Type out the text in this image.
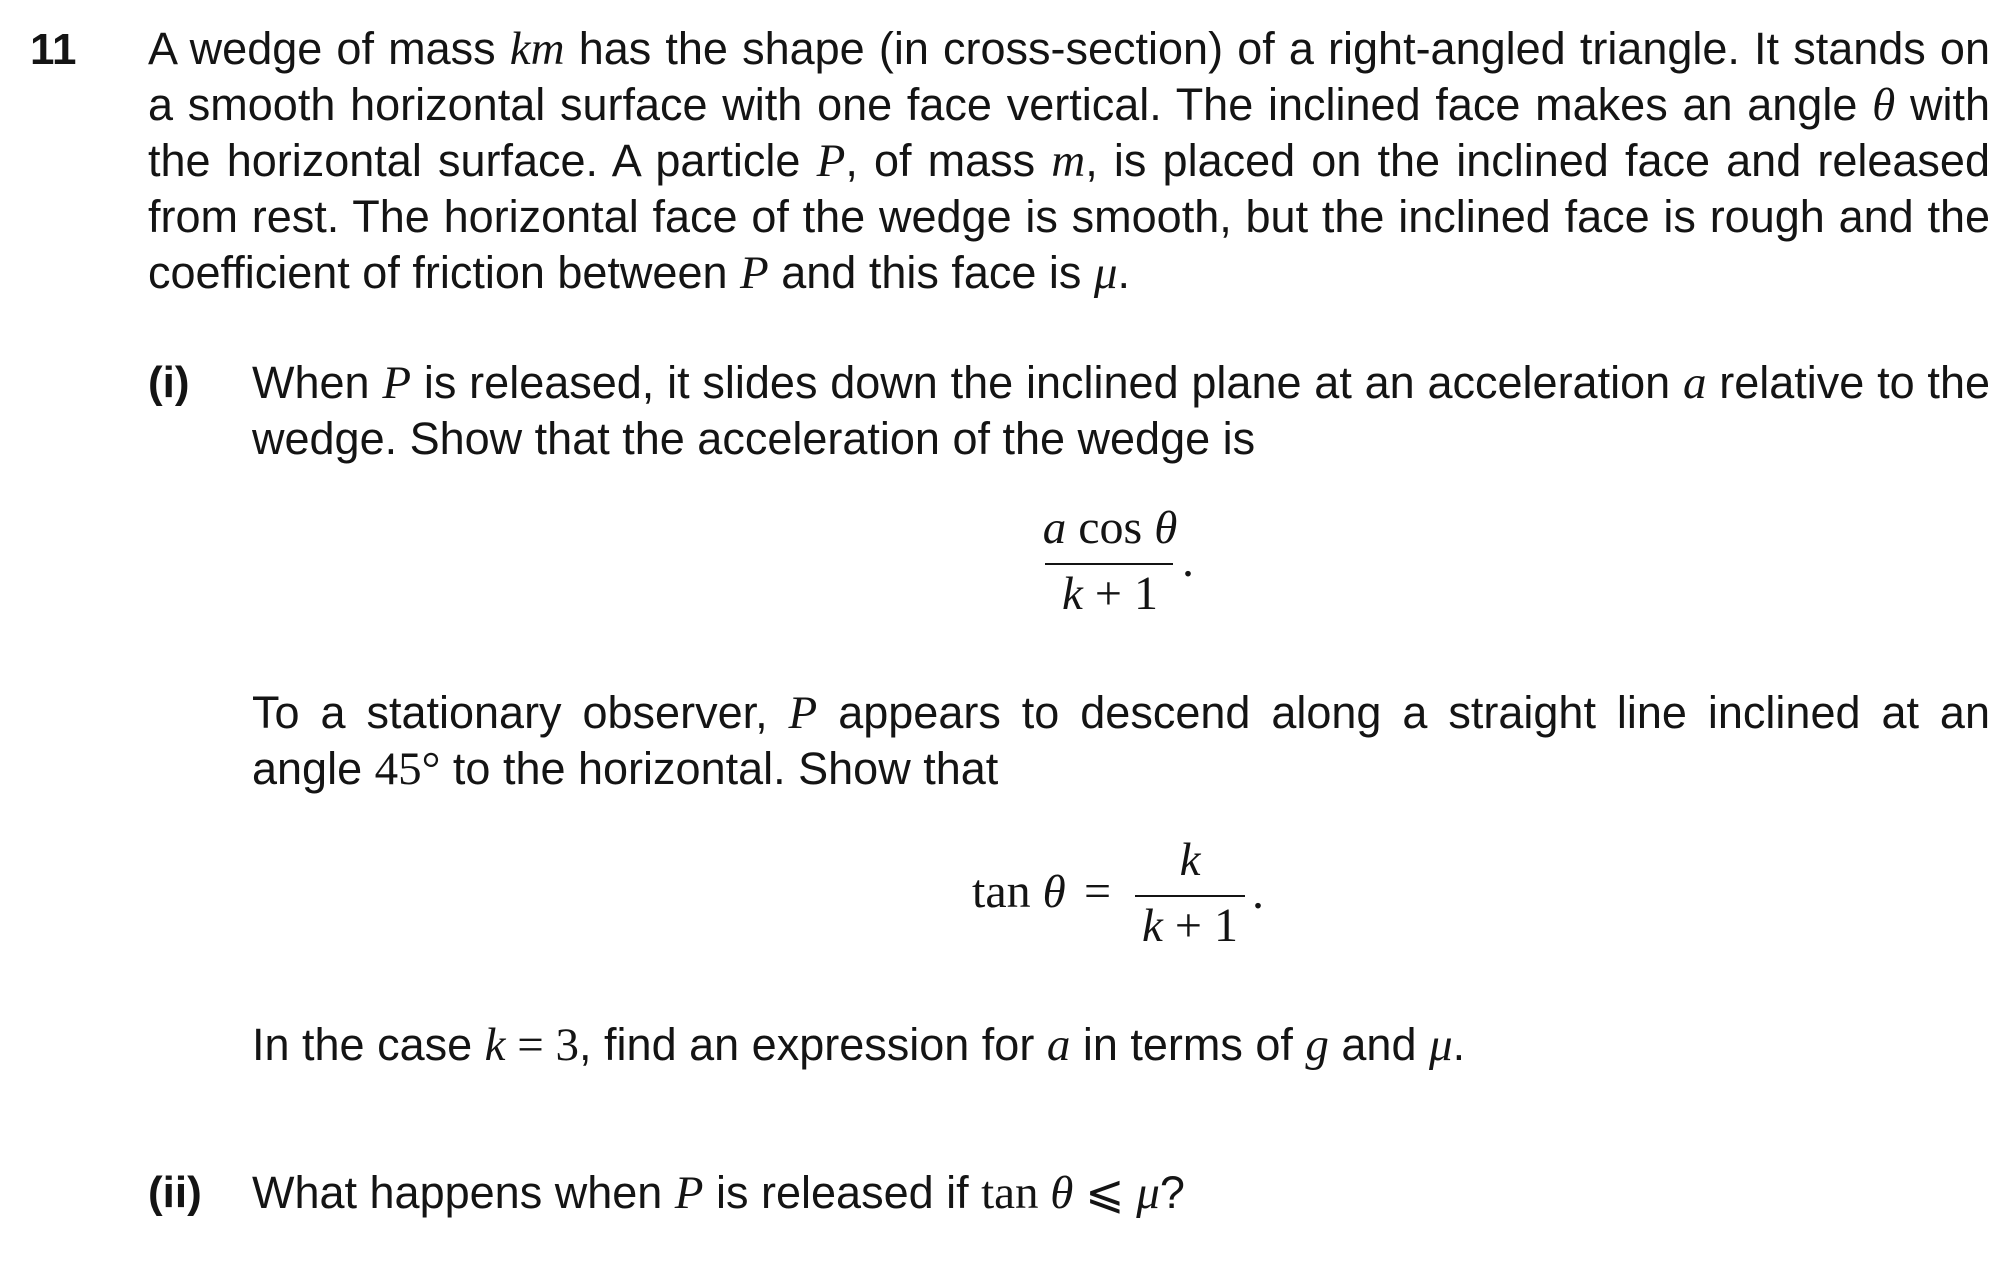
11 A wedge of mass km has the shape (in cross-section) of a right-angled triangle. It stands on
a smooth horizontal surface with one face vertical. The inclined face makes an angle θ with
the horizontal surface. A particle P, of mass m, is placed on the inclined face and released
from rest. The horizontal face of the wedge is smooth, but the inclined face is rough and the
coefficient of friction between P and this face is μ.
(i) When P is released, it slides down the inclined plane at an acceleration a relative to the
wedge. Show that the acceleration of the wedge is
a cos θ
k + 1
.
To a stationary observer, P appears to descend along a straight line inclined at an
angle 45° to the horizontal. Show that
tan θ =
k
k + 1
.
In the case k = 3, find an expression for a in terms of g and μ.
(ii) What happens when P is released if tan θ ⩽ μ?
